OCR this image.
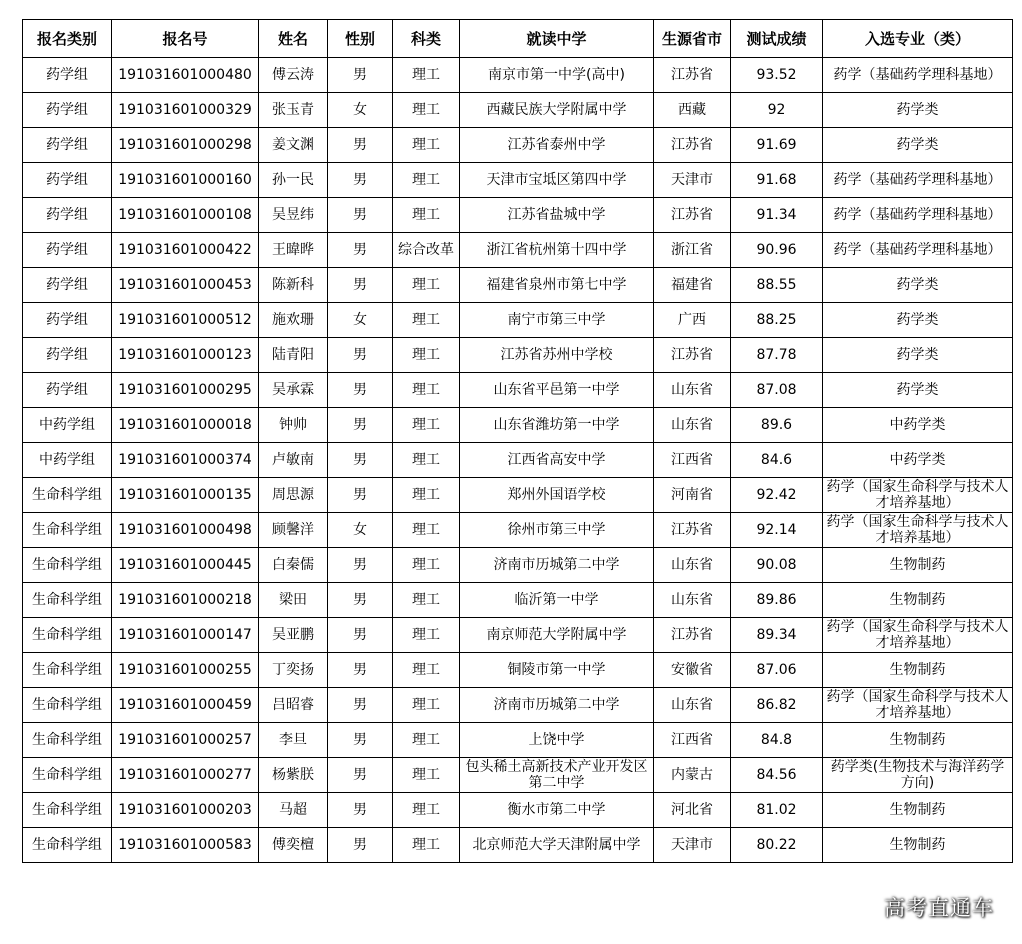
报名类别	报名号	姓名	性别	科类	就读中学	生源省市	测试成绩	入选专业（类）
药学组	191031601000480	傅云涛	男	理工	南京市第一中学(高中)	江苏省	93.52	药学（基础药学理科基地）
药学组	191031601000329	张玉青	女	理工	西藏民族大学附属中学	西藏	92	药学类
药学组	191031601000298	姜文渊	男	理工	江苏省泰州中学	江苏省	91.69	药学类
药学组	191031601000160	孙一民	男	理工	天津市宝坻区第四中学	天津市	91.68	药学（基础药学理科基地）
药学组	191031601000108	吴昱纬	男	理工	江苏省盐城中学	江苏省	91.34	药学（基础药学理科基地）
药学组	191031601000422	王暐晔	男	综合改革	浙江省杭州第十四中学	浙江省	90.96	药学（基础药学理科基地）
药学组	191031601000453	陈新科	男	理工	福建省泉州市第七中学	福建省	88.55	药学类
药学组	191031601000512	施欢珊	女	理工	南宁市第三中学	广西	88.25	药学类
药学组	191031601000123	陆青阳	男	理工	江苏省苏州中学校	江苏省	87.78	药学类
药学组	191031601000295	吴承霖	男	理工	山东省平邑第一中学	山东省	87.08	药学类
中药学组	191031601000018	钟帅	男	理工	山东省潍坊第一中学	山东省	89.6	中药学类
中药学组	191031601000374	卢敏南	男	理工	江西省高安中学	江西省	84.6	中药学类
生命科学组	191031601000135	周思源	男	理工	郑州外国语学校	河南省	92.42	药学（国家生命科学与技术人才培养基地）
生命科学组	191031601000498	顾馨洋	女	理工	徐州市第三中学	江苏省	92.14	药学（国家生命科学与技术人才培养基地）
生命科学组	191031601000445	白秦儒	男	理工	济南市历城第二中学	山东省	90.08	生物制药
生命科学组	191031601000218	梁田	男	理工	临沂第一中学	山东省	89.86	生物制药
生命科学组	191031601000147	吴亚鹏	男	理工	南京师范大学附属中学	江苏省	89.34	药学（国家生命科学与技术人才培养基地）
生命科学组	191031601000255	丁奕扬	男	理工	铜陵市第一中学	安徽省	87.06	生物制药
生命科学组	191031601000459	吕昭睿	男	理工	济南市历城第二中学	山东省	86.82	药学（国家生命科学与技术人才培养基地）
生命科学组	191031601000257	李旦	男	理工	上饶中学	江西省	84.8	生物制药
生命科学组	191031601000277	杨紫朕	男	理工	包头稀土高新技术产业开发区第二中学	内蒙古	84.56	药学类(生物技术与海洋药学方向)
生命科学组	191031601000203	马超	男	理工	衡水市第二中学	河北省	81.02	生物制药
生命科学组	191031601000583	傅奕檀	男	理工	北京师范大学天津附属中学	天津市	80.22	生物制药
高考直通车
